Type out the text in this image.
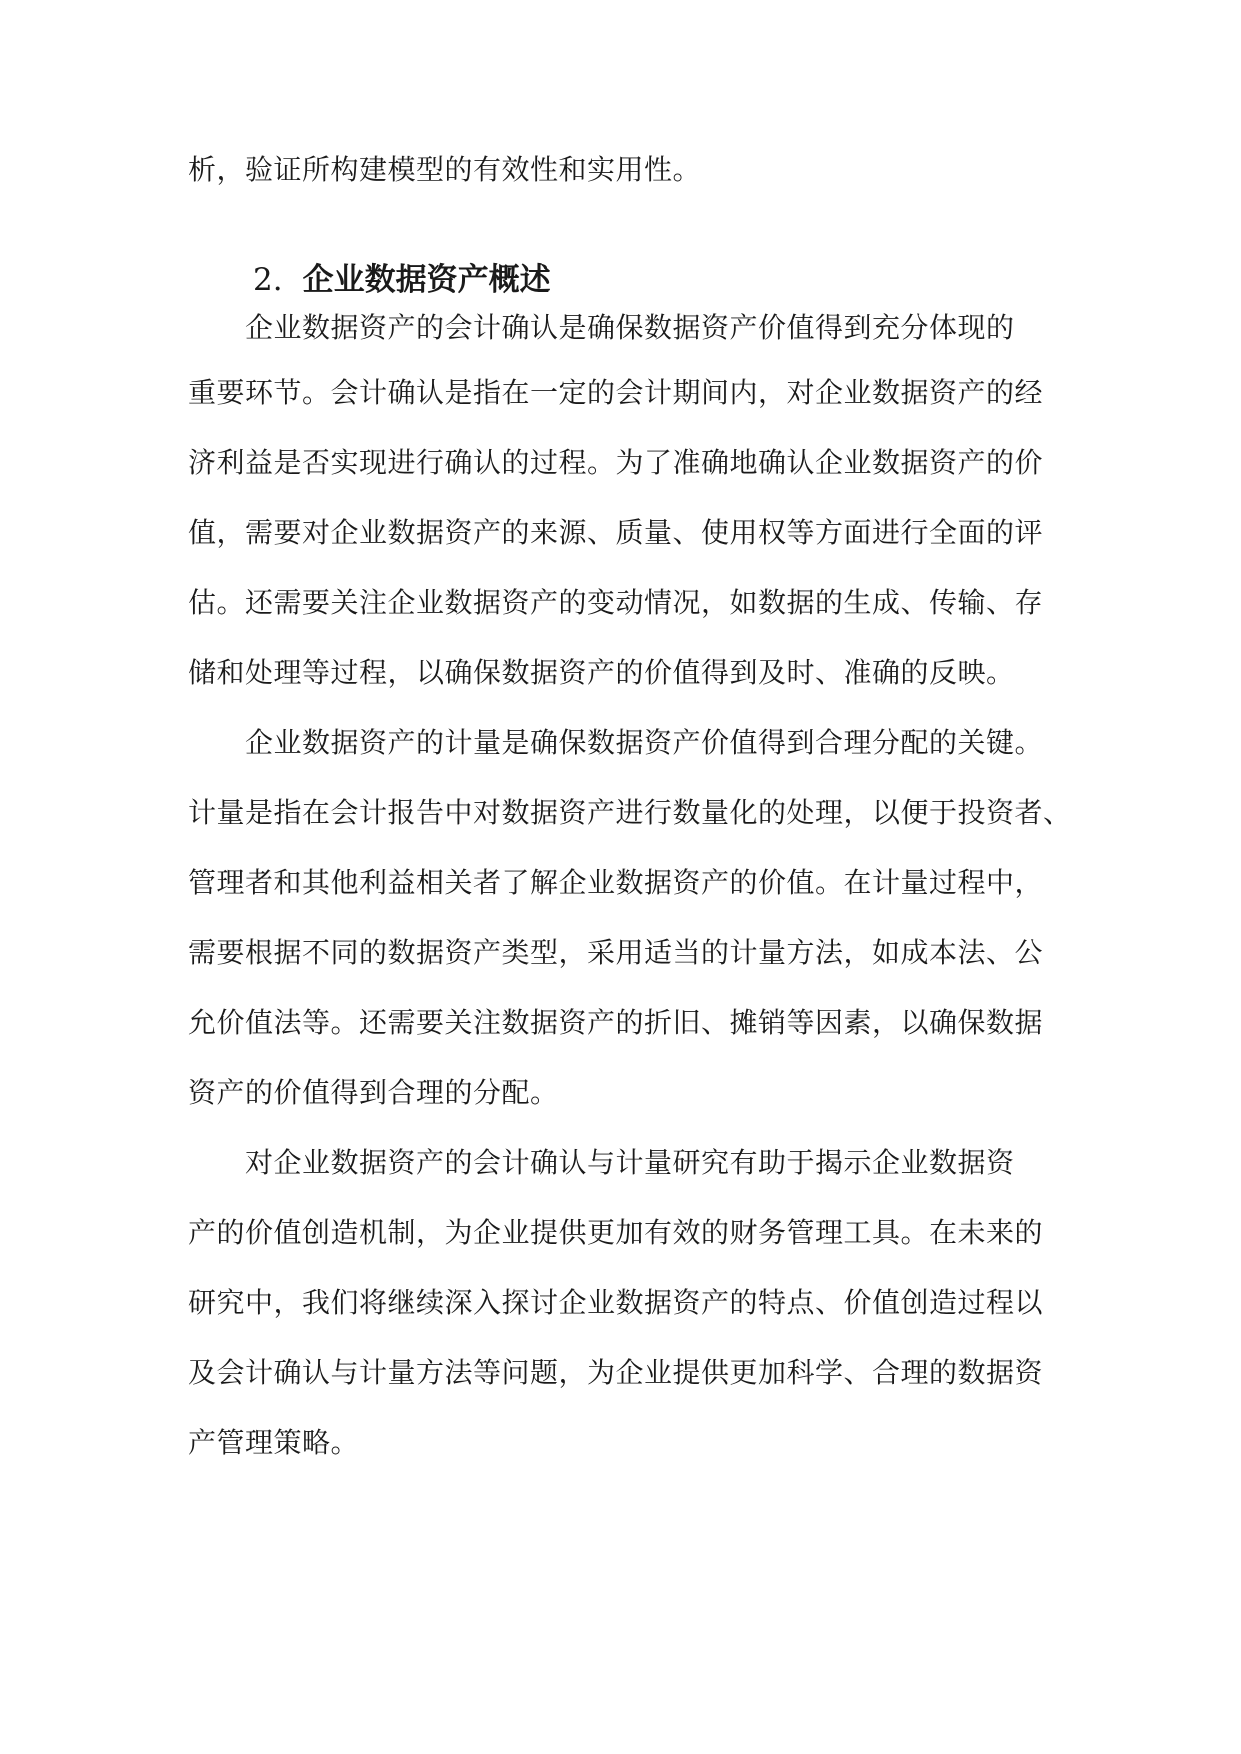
析，验证所构建模型的有效性和实用性。
2. 企业数据资产概述
企业数据资产的会计确认是确保数据资产价值得到充分体现的
重要环节。会计确认是指在一定的会计期间内，对企业数据资产的经
济利益是否实现进行确认的过程。为了准确地确认企业数据资产的价
值，需要对企业数据资产的来源、质量、使用权等方面进行全面的评
估。还需要关注企业数据资产的变动情况，如数据的生成、传输、存
储和处理等过程，以确保数据资产的价值得到及时、准确的反映。
企业数据资产的计量是确保数据资产价值得到合理分配的关键。
计量是指在会计报告中对数据资产进行数量化的处理，以便于投资者、
管理者和其他利益相关者了解企业数据资产的价值。在计量过程中，
需要根据不同的数据资产类型，采用适当的计量方法，如成本法、公
允价值法等。还需要关注数据资产的折旧、摊销等因素，以确保数据
资产的价值得到合理的分配。
对企业数据资产的会计确认与计量研究有助于揭示企业数据资
产的价值创造机制，为企业提供更加有效的财务管理工具。在未来的
研究中，我们将继续深入探讨企业数据资产的特点、价值创造过程以
及会计确认与计量方法等问题，为企业提供更加科学、合理的数据资
产管理策略。
